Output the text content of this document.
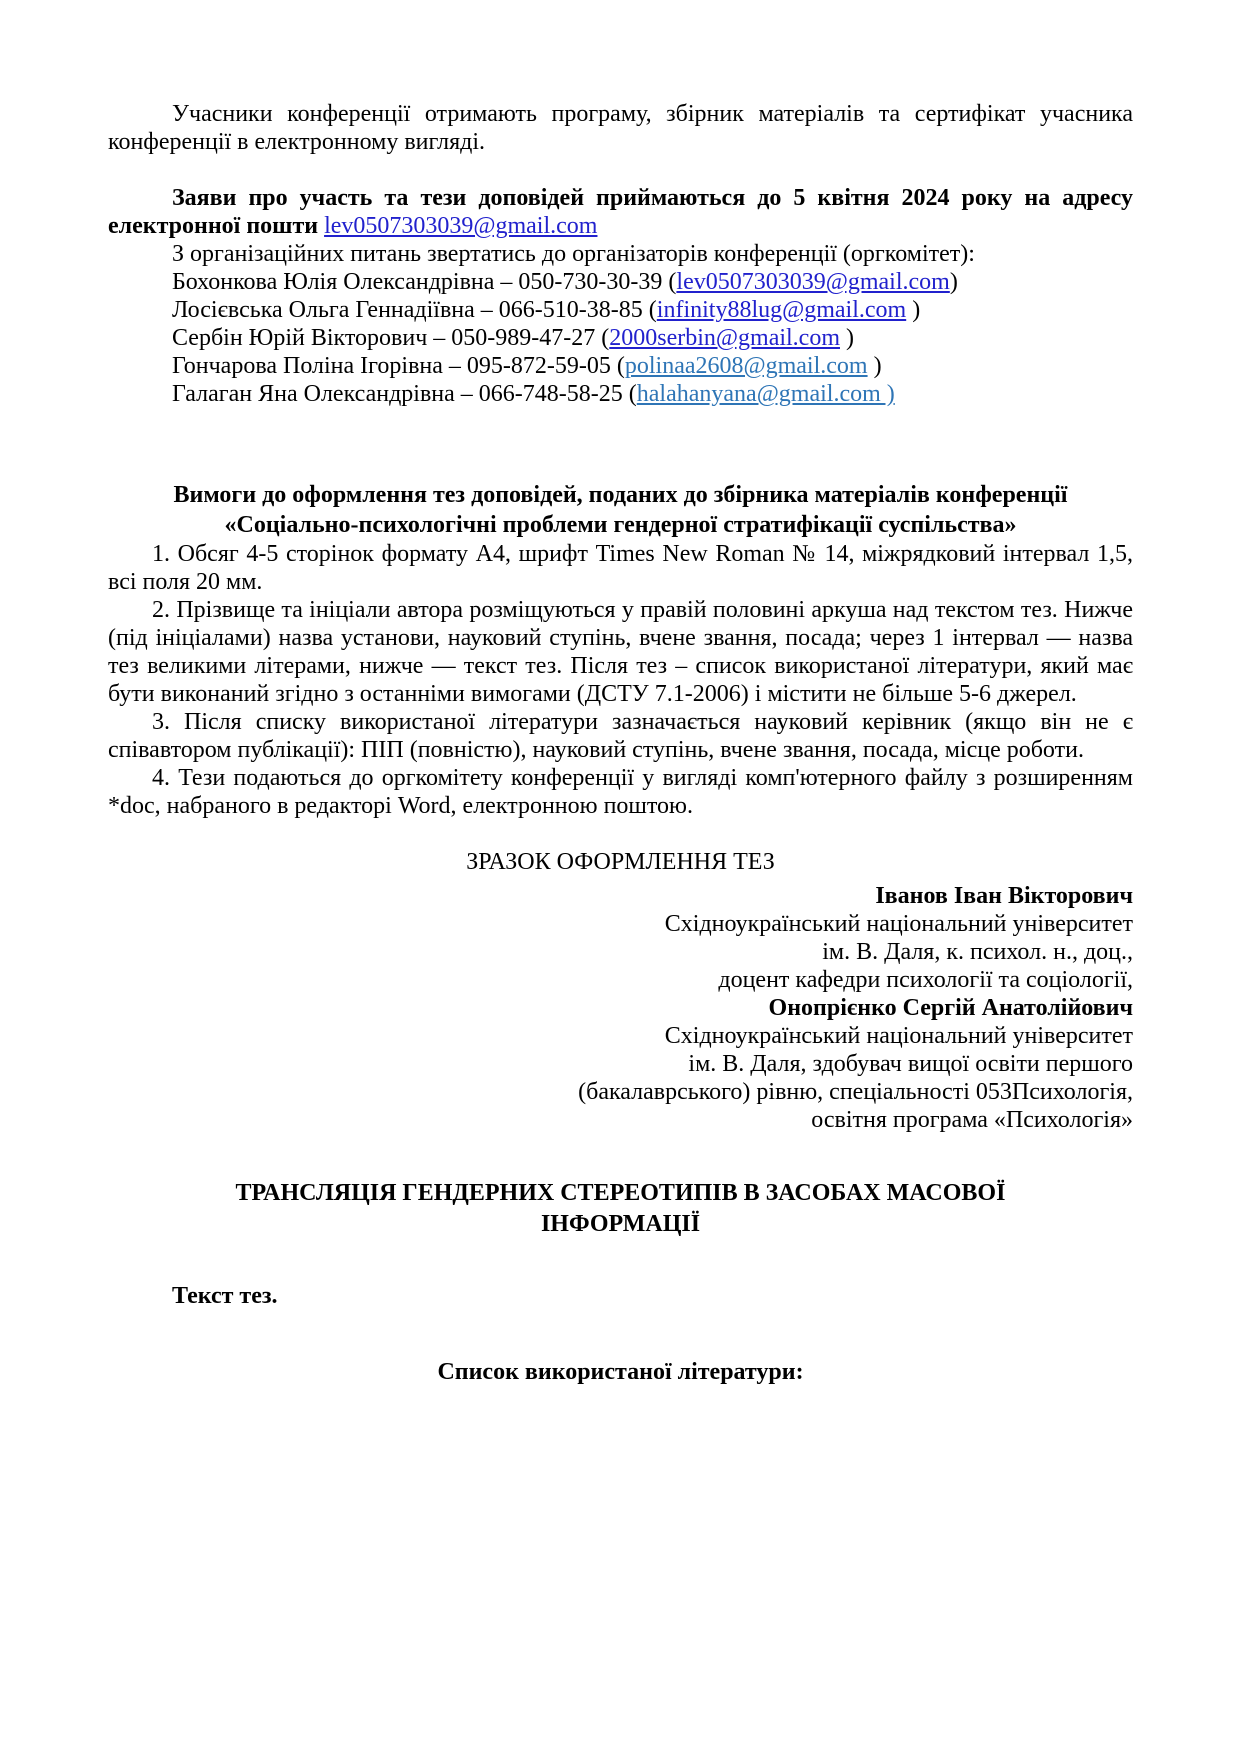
Учасники конференції отримають програму, збірник матеріалів та сертифікат учасника конференції в електронному вигляді.

Заяви про участь та тези доповідей приймаються до 5 квітня 2024 року на адресу електронної пошти lev0507303039@gmail.com

З організаційних питань звертатись до організаторів конференції (оргкомітет):
Бохонкова Юлія Олександрівна – 050-730-30-39 (lev0507303039@gmail.com)
Лосієвська Ольга Геннадіївна – 066-510-38-85 (infinity88lug@gmail.com )
Сербін Юрій Вікторович – 050-989-47-27 (2000serbin@gmail.com )
Гончарова Поліна Ігорівна – 095-872-59-05 (polinaa2608@gmail.com )
Галаган Яна Олександрівна – 066-748-58-25 (halahanyana@gmail.com )
Вимоги до оформлення тез доповідей, поданих до збірника матеріалів конференції
«Соціально-психологічні проблеми гендерної стратифікації суспільства»

1. Обсяг 4-5 сторінок формату А4, шрифт Times New Roman № 14, міжрядковий інтервал 1,5, всі поля 20 мм.

2. Прізвище та ініціали автора розміщуються у правій половині аркуша над текстом тез. Нижче (під ініціалами) назва установи, науковий ступінь, вчене звання, посада; через 1 інтервал — назва тез великими літерами, нижче — текст тез. Після тез – список використаної літератури, який має бути виконаний згідно з останніми вимогами (ДСТУ 7.1-2006) і містити не більше 5-6 джерел.

3. Після списку використаної літератури зазначається науковий керівник (якщо він не є співавтором публікації): ПІП (повністю), науковий ступінь, вчене звання, посада, місце роботи.

4. Тези подаються до оргкомітету конференції у вигляді комп'ютерного файлу з розширенням *doc, набраного в редакторі Word, електронною поштою.

ЗРАЗОК ОФОРМЛЕННЯ ТЕЗ
Іванов Іван Вікторович
Східноукраїнський національний університет
ім. В. Даля, к. психол. н., доц.,
доцент кафедри психології та соціології,
Онопрієнко Сергій Анатолійович
Східноукраїнський національний університет
ім. В. Даля, здобувач вищої освіти першого
(бакалаврського) рівню, спеціальності 053Психологія,
освітня програма «Психологія»
ТРАНСЛЯЦІЯ ГЕНДЕРНИХ СТЕРЕОТИПІВ В ЗАСОБАХ МАСОВОЇ ІНФОРМАЦІЇ
Текст тез.
Список використаної літератури:
